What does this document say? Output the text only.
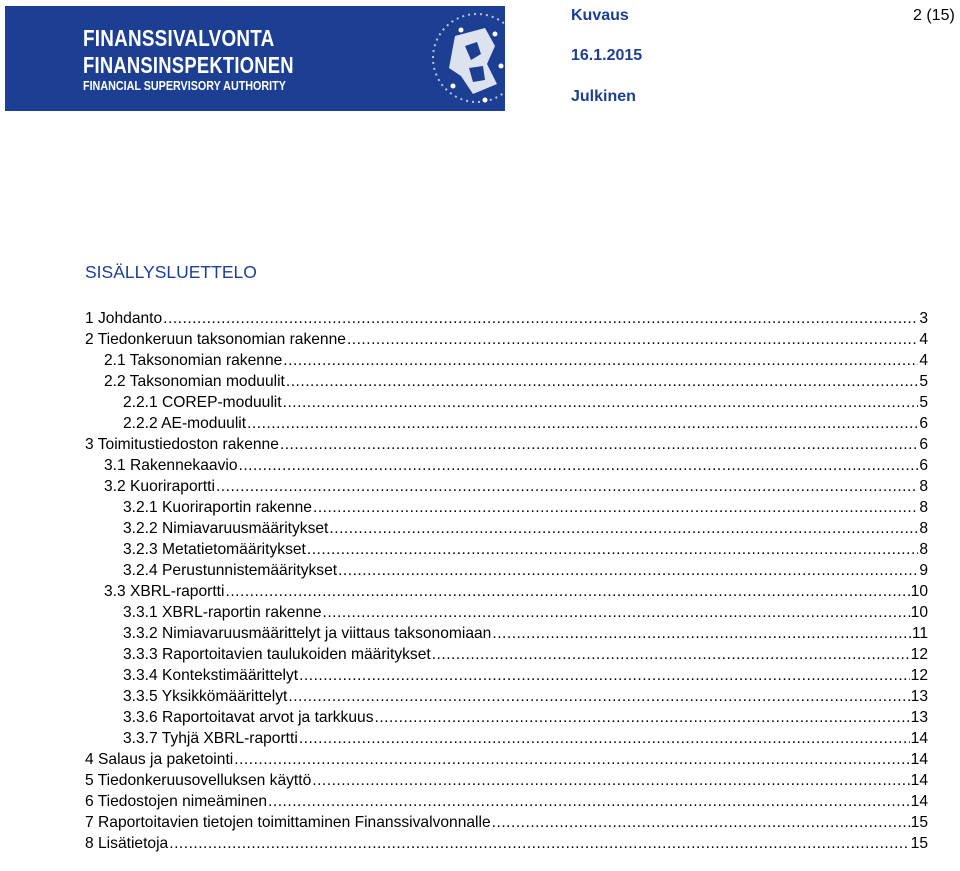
FINANSSIVALVONTA
FINANSINSPEKTIONEN
FINANCIAL SUPERVISORY AUTHORITY
Kuvaus	2 (15)
16.1.2015
Julkinen
SISÄLLYSLUETTELO
1 Johdanto .....	3
2 Tiedonkeruun taksonomian rakenne .....	4
2.1 Taksonomian rakenne .....	4
2.2 Taksonomian moduulit .....	5
2.2.1 COREP-moduulit .....	5
2.2.2 AE-moduulit .....	6
3 Toimitustiedoston rakenne .....	6
3.1 Rakennekaavio .....	6
3.2 Kuoriraportti .....	8
3.2.1 Kuoriraportin rakenne .....	8
3.2.2 Nimiavaruusmääritykset .....	8
3.2.3 Metatietomääritykset .....	8
3.2.4 Perustunnistemääritykset .....	9
3.3 XBRL-raportti .....	10
3.3.1 XBRL-raportin rakenne .....	10
3.3.2 Nimiavaruusmäärittelyt ja viittaus taksonomiaan .....	11
3.3.3 Raportoitavien taulukoiden määritykset .....	12
3.3.4 Kontekstimäärittelyt .....	12
3.3.5 Yksikkömäärittelyt .....	13
3.3.6 Raportoitavat arvot ja tarkkuus .....	13
3.3.7 Tyhjä XBRL-raportti .....	14
4 Salaus ja paketointi .....	14
5 Tiedonkeruusovelluksen käyttö .....	14
6 Tiedostojen nimeäminen .....	14
7 Raportoitavien tietojen toimittaminen Finanssivalvonnalle .....	15
8 Lisätietoja .....	15
